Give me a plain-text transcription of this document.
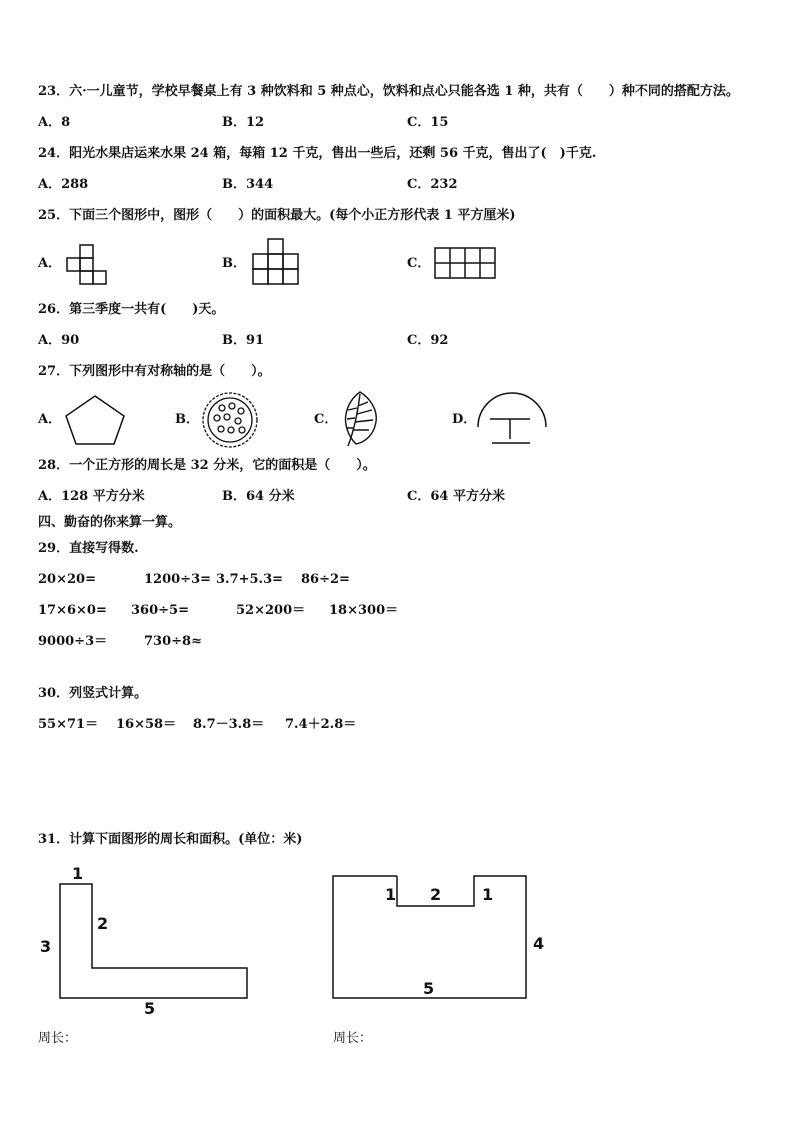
23．六·一儿童节，学校早餐桌上有 3 种饮料和 5 种点心，饮料和点心只能各选 1 种，共有（　　）种不同的搭配方法。
A．8	B．12	C．15
24．阳光水果店运来水果 24 箱，每箱 12 千克，售出一些后，还剩 56 千克，售出了(　)千克.
A．288	B．344	C．232
25．下面三个图形中，图形（　　）的面积最大。(每个小正方形代表 1 平方厘米)
A．	B．	C．
26．第三季度一共有(　　)天。
A．90	B．91	C．92
27．下列图形中有对称轴的是（　　）。
A．	B．	C．	D．
28．一个正方形的周长是 32 分米，它的面积是（　　）。
A．128 平方分米	B．64 分米	C．64 平方分米
四、勤奋的你来算一算。
29．直接写得数.
20×20=	1200÷3= 3.7+5.3= 86÷2=
17×6×0= 360÷5=	52×200＝ 18×300＝
9000÷3＝	730÷8≈
30．列竖式计算。
55×71＝ 16×58＝ 8.7－3.8＝ 7.4＋2.8＝
31．计算下面图形的周长和面积。(单位：米)
1
2
3
5
1 2	1
4
5
周长：	周长：
